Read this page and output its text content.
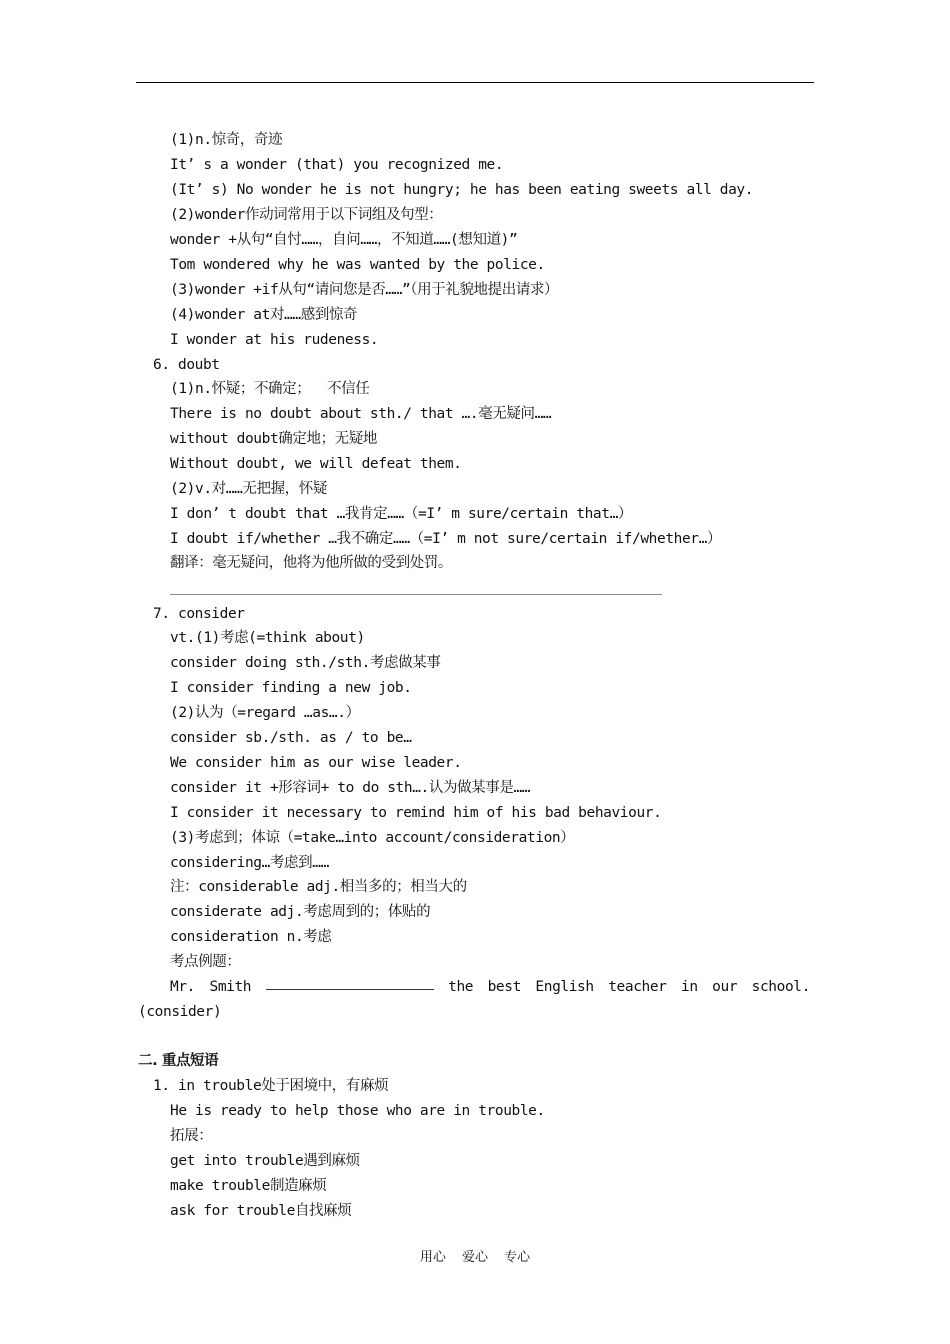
(1)n.惊奇，奇迹
It’ s a wonder (that) you recognized me.
(It’ s) No wonder he is not hungry; he has been eating sweets all day.
(2)wonder作动词常用于以下词组及句型：
wonder +从句“自忖……，自问……，不知道……(想知道)”
Tom wondered why he was wanted by the police.
(3)wonder +if从句“请问您是否……”（用于礼貌地提出请求）
(4)wonder at对……感到惊奇
I wonder at his rudeness.
6. doubt
(1)n.怀疑；不确定；  不信任
There is no doubt about sth./ that ….毫无疑问……
without doubt确定地；无疑地
Without doubt, we will defeat them.
(2)v.对……无把握，怀疑
I don’ t doubt that …我肯定……（=I’ m sure/certain that…）
I doubt if/whether …我不确定……（=I’ m not sure/certain if/whether…）
翻译：毫无疑问，他将为他所做的受到处罚。
7. consider
vt.(1)考虑(=think about)
consider doing sth./sth.考虑做某事
I consider finding a new job.
(2)认为（=regard …as….）
consider sb./sth. as / to be…
We consider him as our wise leader.
consider it +形容词+ to do sth….认为做某事是……
I consider it necessary to remind him of his bad behaviour.
(3)考虑到；体谅（=take…into account/consideration）
considering…考虑到……
注：considerable adj.相当多的；相当大的
considerate adj.考虑周到的；体贴的
consideration n.考虑
考点例题：
Mr. Smith	the best English teacher in our school.
(consider)
二. 重点短语
1. in trouble处于困境中，有麻烦
He is ready to help those who are in trouble.
拓展：
get into trouble遇到麻烦
make trouble制造麻烦
ask for trouble自找麻烦
用心 爱心 专心
